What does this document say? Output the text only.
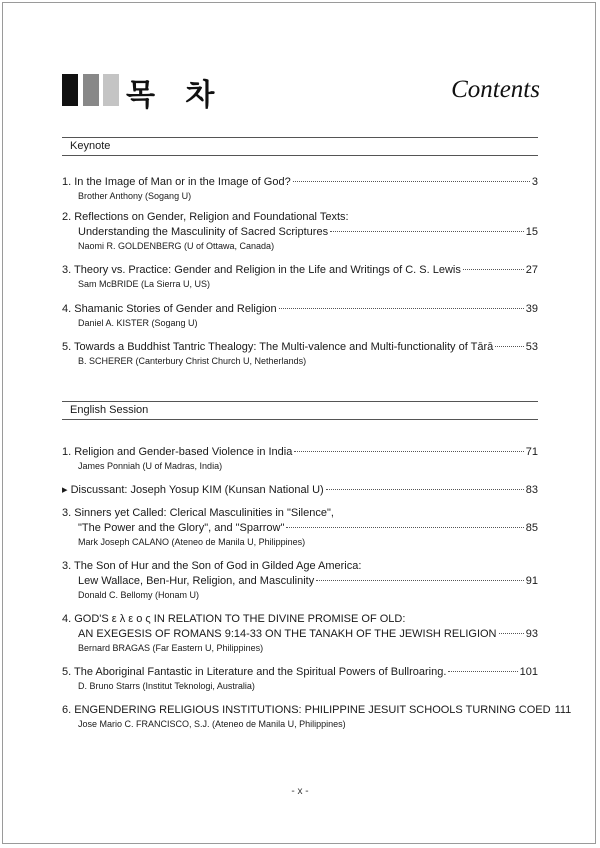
목 차	Contents
Keynote
1. In the Image of Man or in the Image of God?	3
Brother Anthony (Sogang U)
2. Reflections on Gender, Religion and Foundational Texts:
Understanding the Masculinity of Sacred Scriptures	15
Naomi R. GOLDENBERG (U of Ottawa, Canada)
3. Theory vs. Practice: Gender and Religion in the Life and Writings of C. S. Lewis	27
Sam McBRIDE (La Sierra U, US)
4. Shamanic Stories of Gender and Religion	39
Daniel A. KISTER (Sogang U)
5. Towards a Buddhist Tantric Thealogy: The Multi-valence and Multi-functionality of Tārā	53
B. SCHERER (Canterbury Christ Church U, Netherlands)
English Session
1. Religion and Gender-based Violence in India	71
James Ponniah (U of Madras, India)
▸ Discussant: Joseph Yosup KIM (Kunsan National U)	83
3. Sinners yet Called: Clerical Masculinities in "Silence",
"The Power and the Glory", and "Sparrow"	85
Mark Joseph CALANO (Ateneo de Manila U, Philippines)
3. The Son of Hur and the Son of God in Gilded Age America:
Lew Wallace, Ben-Hur, Religion, and Masculinity	91
Donald C. Bellomy (Honam U)
4. GOD'S ε λ ε ο ς IN RELATION TO THE DIVINE PROMISE OF OLD:
AN EXEGESIS OF ROMANS 9:14-33 ON THE TANAKH OF THE JEWISH RELIGION	93
Bernard BRAGAS (Far Eastern U, Philippines)
5. The Aboriginal Fantastic in Literature and the Spiritual Powers of Bullroaring.	101
D. Bruno Starrs (Institut Teknologi, Australia)
6. ENGENDERING RELIGIOUS INSTITUTIONS: PHILIPPINE JESUIT SCHOOLS TURNING COED 111
Jose Mario C. FRANCISCO, S.J. (Ateneo de Manila U, Philippines)
- x -
